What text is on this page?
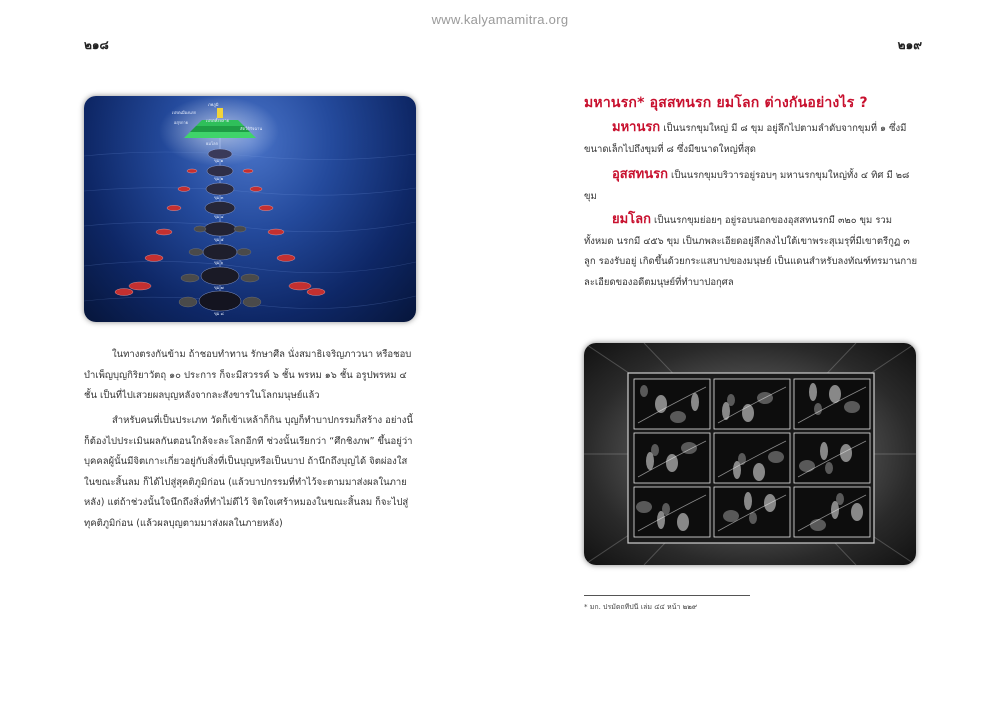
www.kalyamamitra.org
๒๑๘	๒๑๙
ภพภูมิ
เปรตเมืองนรก
เปรตทั้งหลาย
ยมโลก
สัตว์ดิรัจฉาน
อสุรกาย
ขุม ๑
ขุม ๒
ขุม ๓
ขุม ๔
ขุม ๕
ขุม ๖
ขุม ๗
ขุม ๘

ในทางตรงกันข้าม ถ้าชอบทำทาน รักษาศีล นั่งสมาธิเจริญภาวนา หรือชอบบำเพ็ญบุญกิริยาวัตถุ ๑๐ ประการ ก็จะมีสวรรค์ ๖ ชั้น พรหม ๑๖ ชั้น อรูปพรหม ๔ ชั้น เป็นที่ไปเสวยผลบุญหลังจากละสังขารในโลกมนุษย์แล้ว

สำหรับคนที่เป็นประเภท วัดก็เข้าเหล้าก็กิน บุญก็ทำบาปกรรมก็สร้าง อย่างนี้ก็ต้องไปประเมินผลกันตอนใกล้จะละโลกอีกที ช่วงนั้นเรียกว่า “ศึกชิงภพ” ขึ้นอยู่ว่าบุคคลผู้นั้นมีจิตเกาะเกี่ยวอยู่กับสิ่งที่เป็นบุญหรือเป็นบาป ถ้านึกถึงบุญได้ จิตผ่องใส ในขณะสิ้นลม ก็ได้ไปสู่สุคติภูมิก่อน (แล้วบาปกรรมที่ทำไว้จะตามมาส่งผลในภายหลัง) แต่ถ้าช่วงนั้นใจนึกถึงสิ่งที่ทำไม่ดีไว้ จิตใจเศร้าหมองในขณะสิ้นลม ก็จะไปสู่ทุคติภูมิก่อน (แล้วผลบุญตามมาส่งผลในภายหลัง)

มหานรก* อุสสทนรก ยมโลก ต่างกันอย่างไร ?

มหานรก เป็นนรกขุมใหญ่ มี ๘ ขุม อยู่ลึกไปตามลำดับจากขุมที่ ๑ ซึ่งมีขนาดเล็กไปถึงขุมที่ ๘ ซึ่งมีขนาดใหญ่ที่สุด

อุสสทนรก เป็นนรกขุมบริวารอยู่รอบๆ มหานรกขุมใหญ่ทั้ง ๔ ทิศ มี ๒๘ ขุม

ยมโลก เป็นนรกขุมย่อยๆ อยู่รอบนอกของอุสสทนรกมี ๓๒๐ ขุม รวมทั้งหมด นรกมี ๔๕๖ ขุม เป็นภพละเอียดอยู่ลึกลงไปใต้เขาพระสุเมรุที่มีเขาตรีกูฏ ๓ ลูก รองรับอยู่ เกิดขึ้นด้วยกระแสบาปของมนุษย์ เป็นแดนสำหรับลงทัณฑ์ทรมานกายละเอียดของอดีตมนุษย์ที่ทำบาปอกุศล

* มก. ปรมัตถทีปนี เล่ม ๔๔ หน้า ๒๒๙
